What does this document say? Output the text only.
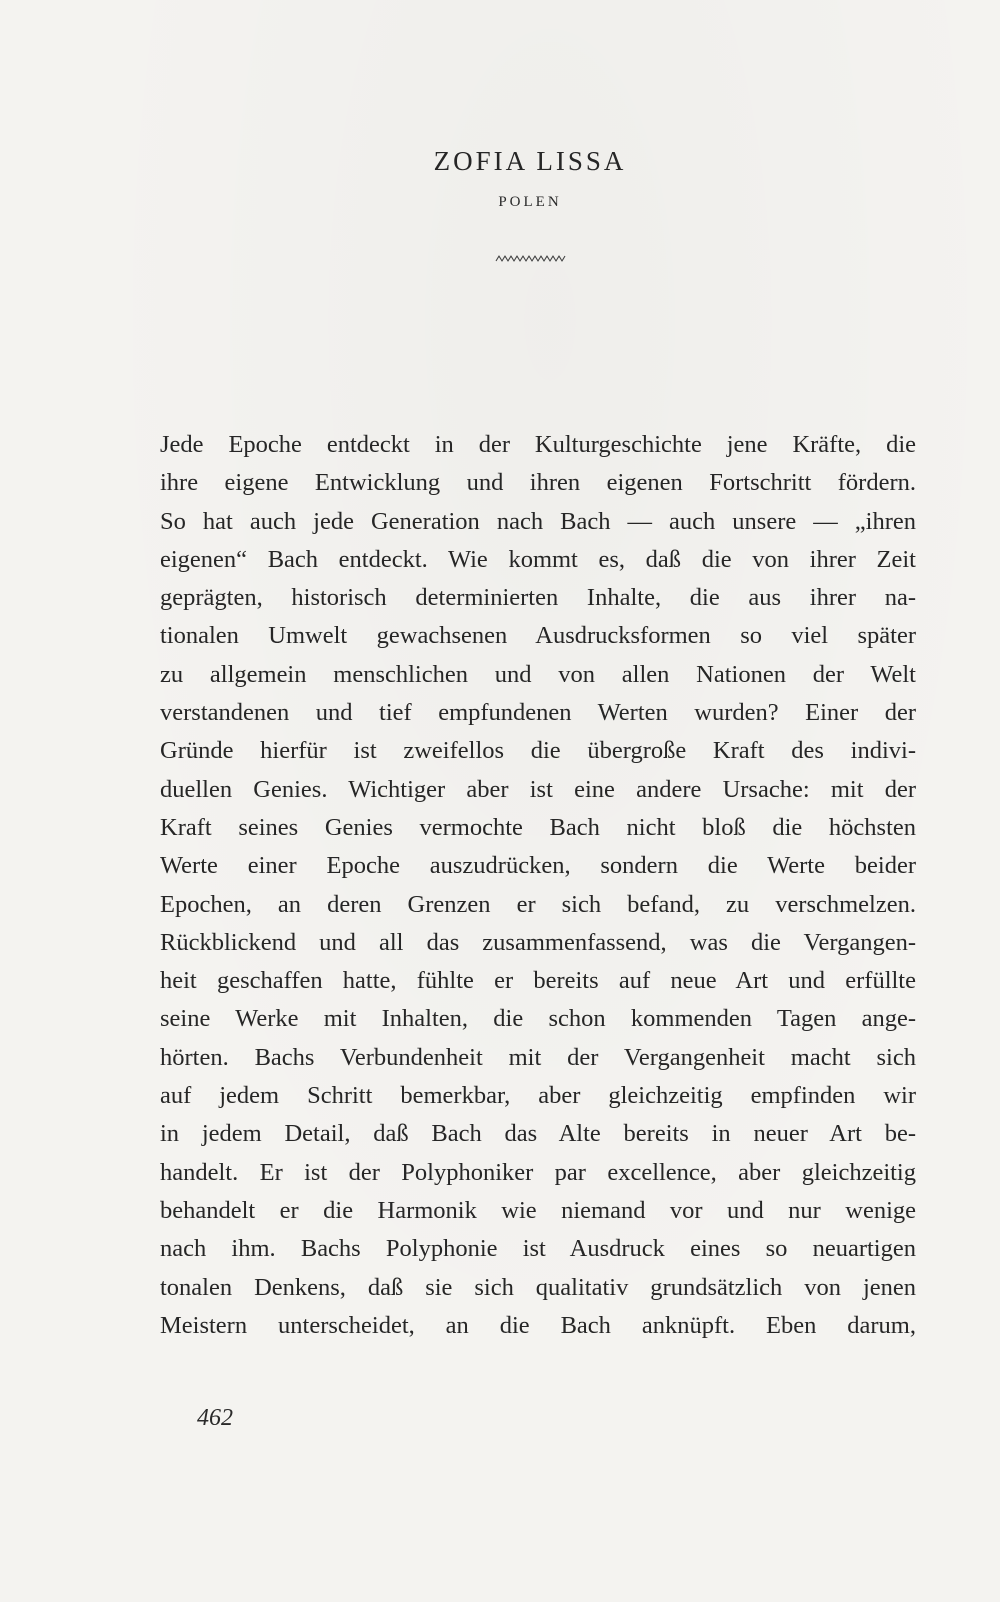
ZOFIA LISSA
POLEN
Jede Epoche entdeckt in der Kulturgeschichte jene Kräfte, die
ihre eigene Entwicklung und ihren eigenen Fortschritt fördern.
So hat auch jede Generation nach Bach — auch unsere — „ihren
eigenen“ Bach entdeckt. Wie kommt es, daß die von ihrer Zeit
geprägten, historisch determinierten Inhalte, die aus ihrer na-
tionalen Umwelt gewachsenen Ausdrucksformen so viel später
zu allgemein menschlichen und von allen Nationen der Welt
verstandenen und tief empfundenen Werten wurden? Einer der
Gründe hierfür ist zweifellos die übergroße Kraft des indivi-
duellen Genies. Wichtiger aber ist eine andere Ursache: mit der
Kraft seines Genies vermochte Bach nicht bloß die höchsten
Werte einer Epoche auszudrücken, sondern die Werte beider
Epochen, an deren Grenzen er sich befand, zu verschmelzen.
Rückblickend und all das zusammenfassend, was die Vergangen-
heit geschaffen hatte, fühlte er bereits auf neue Art und erfüllte
seine Werke mit Inhalten, die schon kommenden Tagen ange-
hörten. Bachs Verbundenheit mit der Vergangenheit macht sich
auf jedem Schritt bemerkbar, aber gleichzeitig empfinden wir
in jedem Detail, daß Bach das Alte bereits in neuer Art be-
handelt. Er ist der Polyphoniker par excellence, aber gleichzeitig
behandelt er die Harmonik wie niemand vor und nur wenige
nach ihm. Bachs Polyphonie ist Ausdruck eines so neuartigen
tonalen Denkens, daß sie sich qualitativ grundsätzlich von jenen
Meistern unterscheidet, an die Bach anknüpft. Eben darum,
462
